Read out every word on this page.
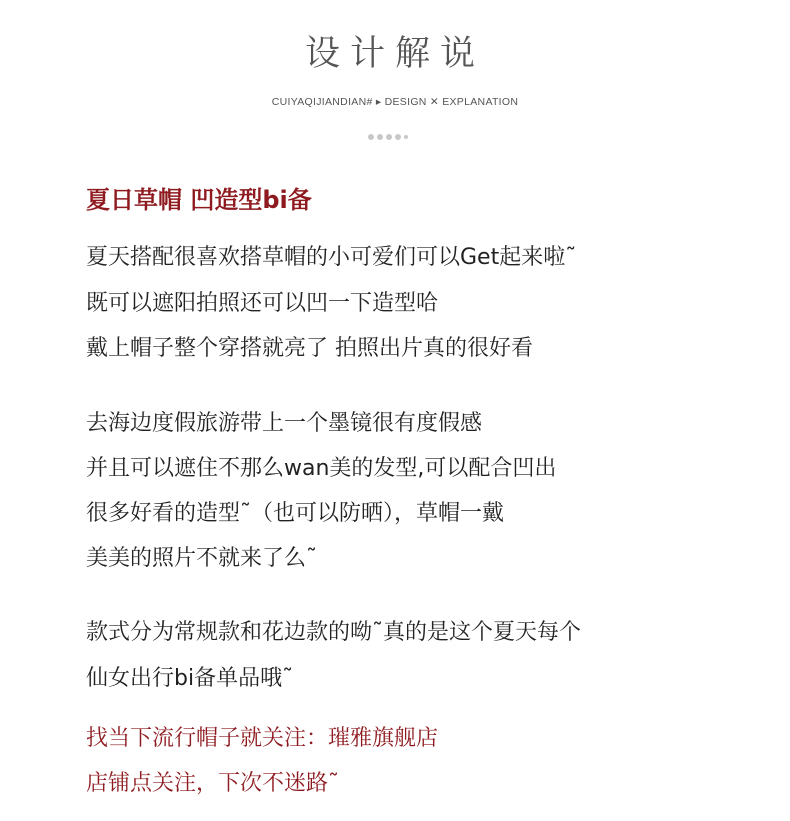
设计解说
CUIYAQIJIANDIAN# ▸ DESIGN ✕ EXPLANATION
夏日草帽 凹造型bi备
夏天搭配很喜欢搭草帽的小可爱们可以Get起来啦˜
既可以遮阳拍照还可以凹一下造型哈
戴上帽子整个穿搭就亮了 拍照出片真的很好看
去海边度假旅游带上一个墨镜很有度假感
并且可以遮住不那么wan美的发型,可以配合凹出
很多好看的造型˜（也可以防晒），草帽一戴
美美的照片不就来了么˜
款式分为常规款和花边款的呦˜真的是这个夏天每个
仙女出行bi备单品哦˜
找当下流行帽子就关注：璀雅旗舰店
店铺点关注，下次不迷路˜
